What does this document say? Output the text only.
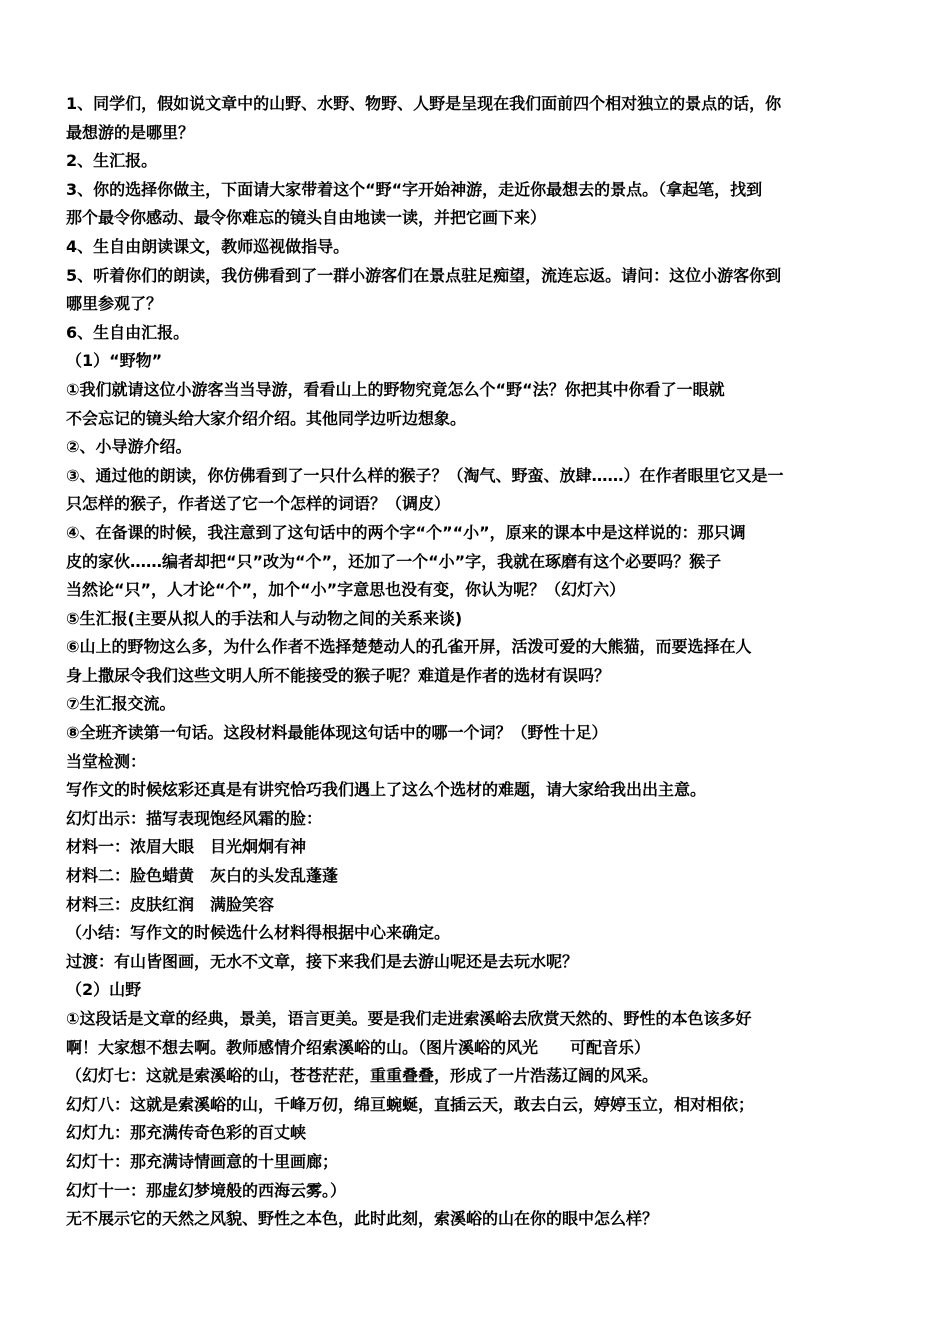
1、同学们，假如说文章中的山野、水野、物野、人野是呈现在我们面前四个相对独立的景点的话，你
最想游的是哪里？
2、生汇报。
3、你的选择你做主，下面请大家带着这个“野“字开始神游，走近你最想去的景点。（拿起笔，找到
那个最令你感动、最令你难忘的镜头自由地读一读，并把它画下来）
4、生自由朗读课文，教师巡视做指导。
5、听着你们的朗读，我仿佛看到了一群小游客们在景点驻足痴望，流连忘返。请问：这位小游客你到
哪里参观了？
6、生自由汇报。
（1）“野物”
①我们就请这位小游客当当导游，看看山上的野物究竟怎么个“野“法？你把其中你看了一眼就
不会忘记的镜头给大家介绍介绍。其他同学边听边想象。
②、小导游介绍。
③、通过他的朗读，你仿佛看到了一只什么样的猴子？（淘气、野蛮、放肆……）在作者眼里它又是一
只怎样的猴子，作者送了它一个怎样的词语？（调皮）
④、在备课的时候，我注意到了这句话中的两个字“个”“小”，原来的课本中是这样说的：那只调
皮的家伙……编者却把“只”改为“个”，还加了一个“小”字，我就在琢磨有这个必要吗？猴子
当然论“只”，人才论“个”，加个“小”字意思也没有变，你认为呢？（幻灯六）
⑤生汇报(主要从拟人的手法和人与动物之间的关系来谈)
⑥山上的野物这么多，为什么作者不选择楚楚动人的孔雀开屏，活泼可爱的大熊猫，而要选择在人
身上撒尿令我们这些文明人所不能接受的猴子呢？难道是作者的选材有误吗？
⑦生汇报交流。
⑧全班齐读第一句话。这段材料最能体现这句话中的哪一个词？（野性十足）
当堂检测：
写作文的时候炫彩还真是有讲究恰巧我们遇上了这么个选材的难题，请大家给我出出主意。
幻灯出示：描写表现饱经风霜的脸：
材料一：浓眉大眼　目光炯炯有神
材料二：脸色蜡黄　灰白的头发乱蓬蓬
材料三：皮肤红润　满脸笑容
（小结：写作文的时候选什么材料得根据中心来确定。
过渡：有山皆图画，无水不文章，接下来我们是去游山呢还是去玩水呢？
（2）山野
①这段话是文章的经典，景美，语言更美。要是我们走进索溪峪去欣赏天然的、野性的本色该多好
啊！大家想不想去啊。教师感情介绍索溪峪的山。（图片溪峪的风光　　可配音乐）
（幻灯七：这就是索溪峪的山，苍苍茫茫，重重叠叠，形成了一片浩荡辽阔的风采。
幻灯八：这就是索溪峪的山，千峰万仞，绵亘蜿蜒，直插云天，敢去白云，婷婷玉立，相对相依；
幻灯九：那充满传奇色彩的百丈峡
幻灯十：那充满诗情画意的十里画廊；
幻灯十一：那虚幻梦境般的西海云雾。）
无不展示它的天然之风貌、野性之本色，此时此刻，索溪峪的山在你的眼中怎么样？
